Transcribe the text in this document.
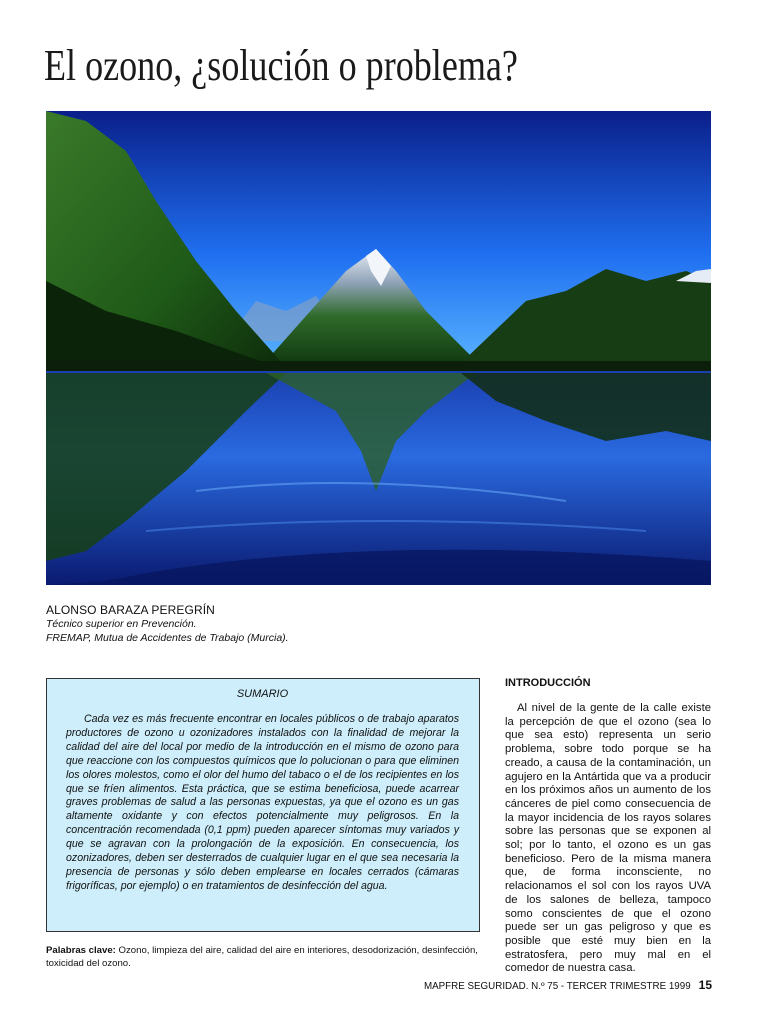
El ozono, ¿solución o problema?
ALONSO BARAZA PEREGRÍN
Técnico superior en Prevención.
FREMAP, Mutua de Accidentes de Trabajo (Murcia).

SUMARIO

Cada vez es más frecuente encontrar en locales públicos o de trabajo aparatos productores de ozono u ozonizadores instalados con la finalidad de mejorar la calidad del aire del local por medio de la introducción en el mismo de ozono para que reaccione con los compuestos químicos que lo polucionan o para que eliminen los olores molestos, como el olor del humo del tabaco o el de los recipientes en los que se fríen alimentos. Esta práctica, que se estima beneficiosa, puede acarrear graves problemas de salud a las personas expuestas, ya que el ozono es un gas altamente oxidante y con efectos potencialmente muy peligrosos. En la concentración recomendada (0,1 ppm) pueden aparecer síntomas muy variados y que se agravan con la prolongación de la exposición. En consecuencia, los ozonizadores, deben ser desterrados de cualquier lugar en el que sea necesaria la presencia de personas y sólo deben emplearse en locales cerrados (cámaras frigoríficas, por ejemplo) o en tratamientos de desinfección del agua.

Palabras clave: Ozono, limpieza del aire, calidad del aire en interiores, desodorización, desinfección, toxicidad del ozono.

INTRODUCCIÓN

Al nivel de la gente de la calle existe la percepción de que el ozono (sea lo que sea esto) representa un serio problema, sobre todo porque se ha creado, a causa de la contaminación, un agujero en la Antártida que va a producir en los próximos años un aumento de los cánceres de piel como consecuencia de la mayor incidencia de los rayos solares sobre las personas que se exponen al sol; por lo tanto, el ozono es un gas beneficioso. Pero de la misma manera que, de forma inconsciente, no relacionamos el sol con los rayos UVA de los salones de belleza, tampoco somo conscientes de que el ozono puede ser un gas peligroso y que es posible que esté muy bien en la estratosfera, pero muy mal en el comedor de nuestra casa.

MAPFRE SEGURIDAD. N.º 75 - TERCER TRIMESTRE 1999 15
